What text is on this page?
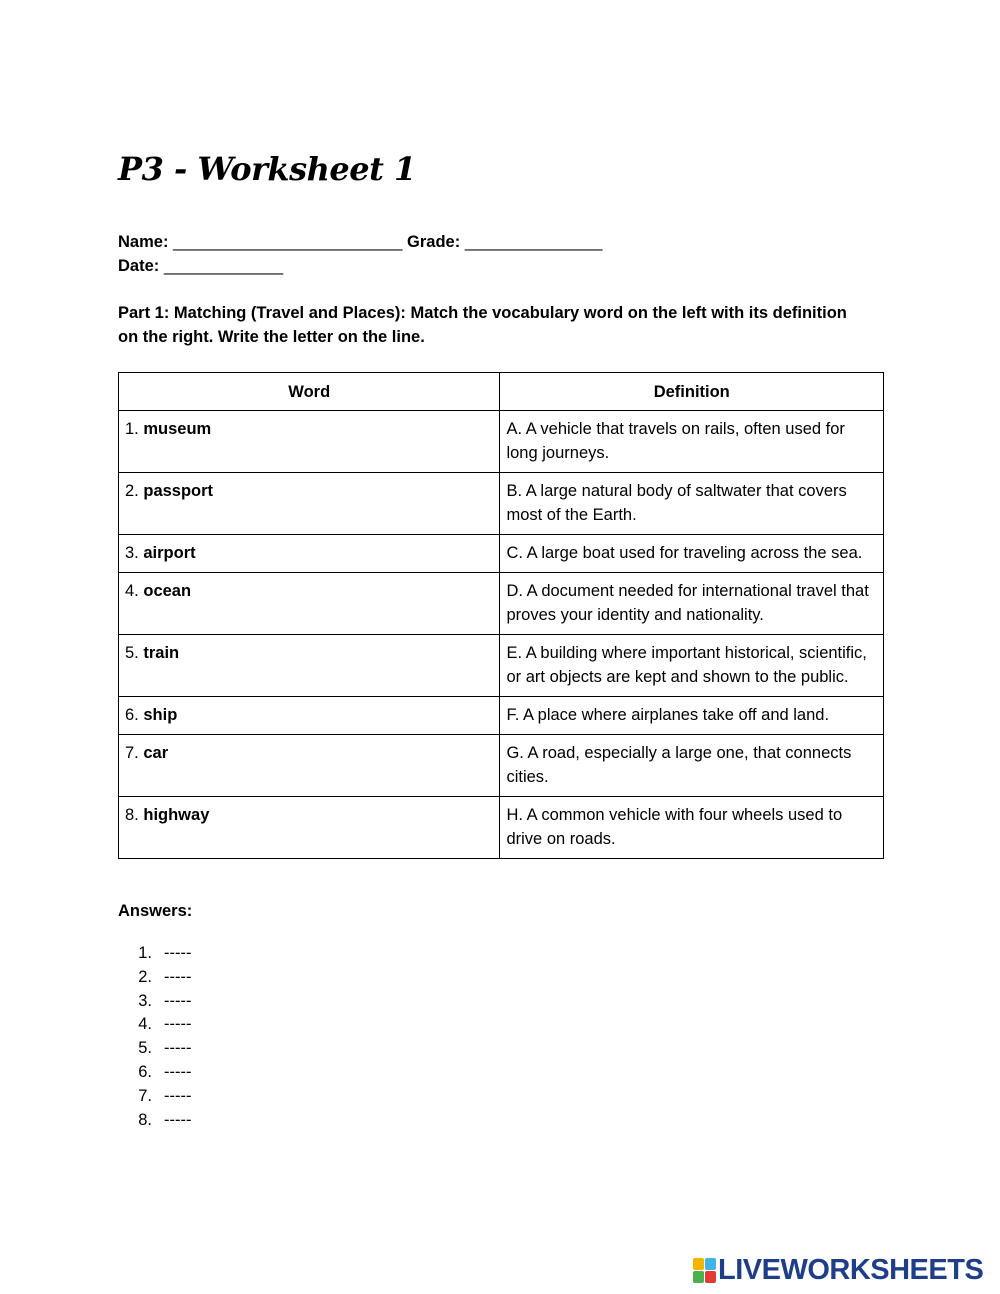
P3 - Worksheet 1
Name: _________________________ Grade: _______________
Date: _____________
Part 1: Matching (Travel and Places): Match the vocabulary word on the left with its definition on the right. Write the letter on the line.
Word	Definition
1. museum	A. A vehicle that travels on rails, often used for long journeys.
2. passport	B. A large natural body of saltwater that covers most of the Earth.
3. airport	C. A large boat used for traveling across the sea.
4. ocean	D. A document needed for international travel that proves your identity and nationality.
5. train	E. A building where important historical, scientific, or art objects are kept and shown to the public.
6. ship	F. A place where airplanes take off and land.
7. car	G. A road, especially a large one, that connects cities.
8. highway	H. A common vehicle with four wheels used to drive on roads.
Answers:
1. -----
2. -----
3. -----
4. -----
5. -----
6. -----
7. -----
8. -----
LIVEWORKSHEETS
